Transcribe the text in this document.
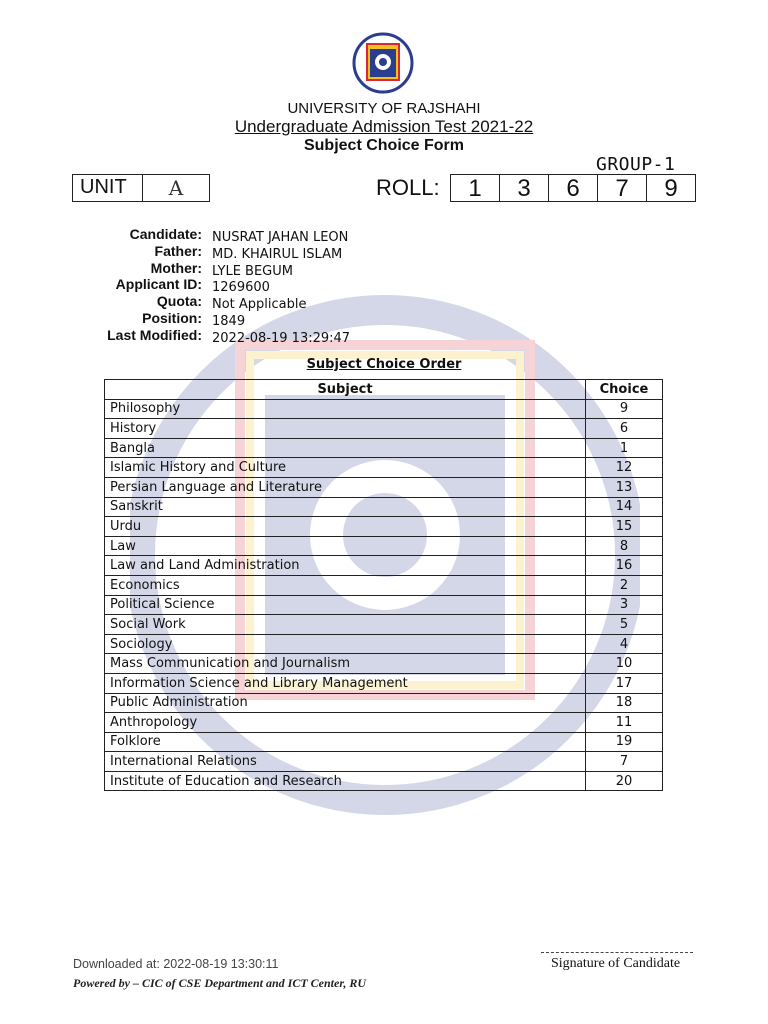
UNIVERSITY OF RAJSHAHI
Undergraduate Admission Test 2021-22
Subject Choice Form
GROUP-1
UNIT	A	ROLL:	1	3	6	7	9
Candidate: NUSRAT JAHAN LEON
Father: MD. KHAIRUL ISLAM
Mother: LYLE BEGUM
Applicant ID: 1269600
Quota: Not Applicable
Position: 1849
Last Modified: 2022-08-19 13:29:47
Subject Choice Order
Subject	Choice
Philosophy	9
History	6
Bangla	1
Islamic History and Culture	12
Persian Language and Literature	13
Sanskrit	14
Urdu	15
Law	8
Law and Land Administration	16
Economics	2
Political Science	3
Social Work	5
Sociology	4
Mass Communication and Journalism	10
Information Science and Library Management	17
Public Administration	18
Anthropology	11
Folklore	19
International Relations	7
Institute of Education and Research	20
Signature of Candidate
Downloaded at: 2022-08-19 13:30:11
Powered by – CIC of CSE Department and ICT Center, RU
